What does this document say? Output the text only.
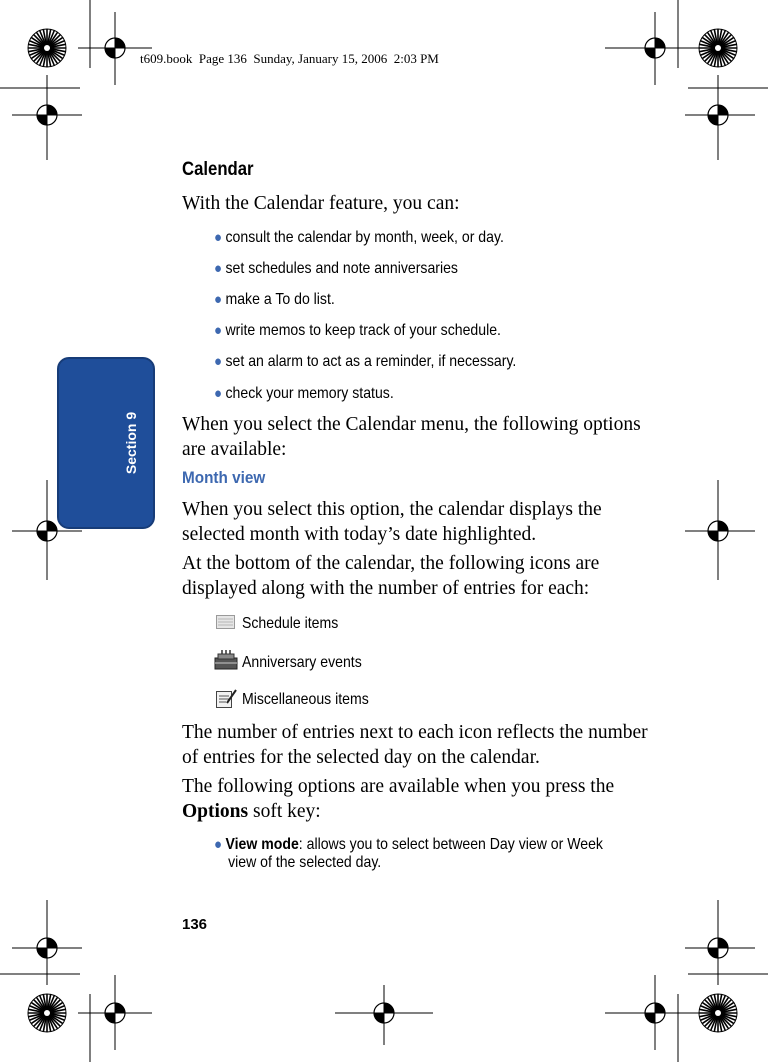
t609.book  Page 136  Sunday, January 15, 2006  2:03 PM
Section 9
Calendar
With the Calendar feature, you can:
● consult the calendar by month, week, or day.
● set schedules and note anniversaries
● make a To do list.
● write memos to keep track of your schedule.
● set an alarm to act as a reminder, if necessary.
● check your memory status.
When you select the Calendar menu, the following options are available:
Month view
When you select this option, the calendar displays the selected month with today’s date highlighted.
At the bottom of the calendar, the following icons are displayed along with the number of entries for each:
Schedule items
Anniversary events
Miscellaneous items
The number of entries next to each icon reflects the number of entries for the selected day on the calendar.
The following options are available when you press the Options soft key:
● View mode: allows you to select between Day view or Week
view of the selected day.
136
